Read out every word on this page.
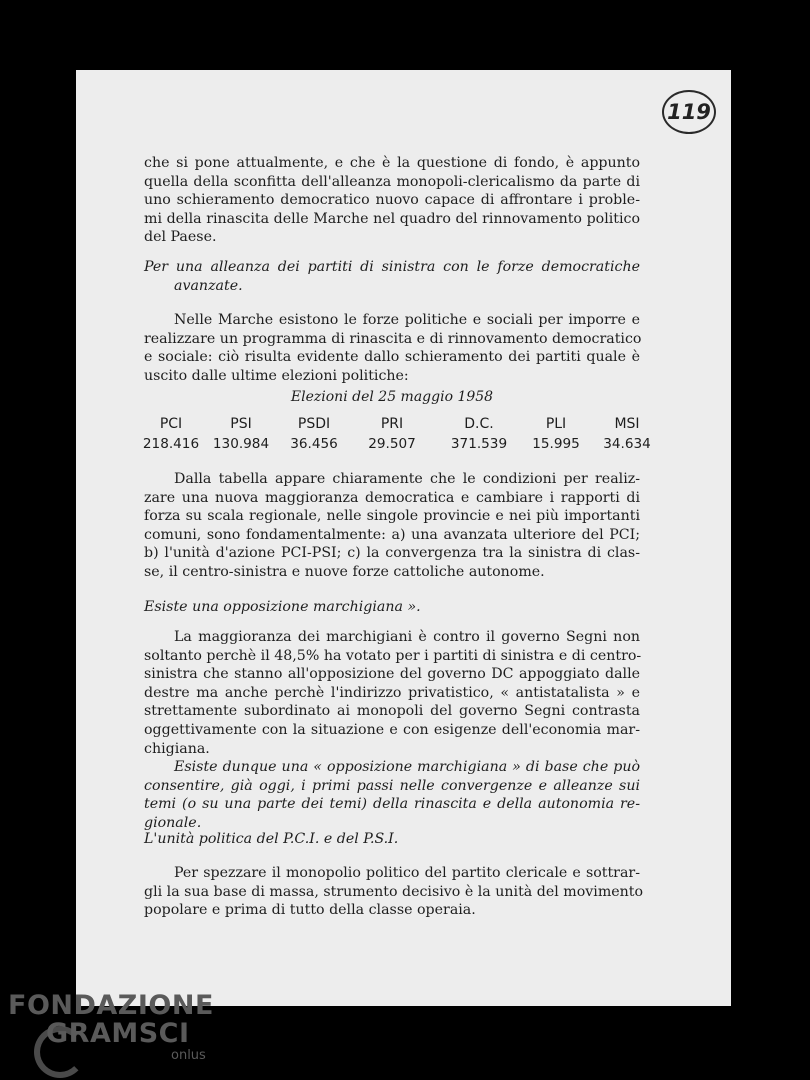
119
che si pone attualmente, e che è la questione di fondo, è appunto
quella della sconfitta dell'alleanza monopoli-clericalismo da parte di
uno schieramento democratico nuovo capace di affrontare i proble-
mi della rinascita delle Marche nel quadro del rinnovamento politico
del Paese.
Per una alleanza dei partiti di sinistra con le forze democratiche
avanzate.
Nelle Marche esistono le forze politiche e sociali per imporre e
realizzare un programma di rinascita e di rinnovamento democratico
e sociale: ciò risulta evidente dallo schieramento dei partiti quale è
uscito dalle ultime elezioni politiche:
Elezioni del 25 maggio 1958
PCI	PSI	PSDI	PRI	D.C.	PLI	MSI
218.416	130.984	36.456	29.507	371.539	15.995	34.634
Dalla tabella appare chiaramente che le condizioni per realiz-
zare una nuova maggioranza democratica e cambiare i rapporti di
forza su scala regionale, nelle singole provincie e nei più importanti
comuni, sono fondamentalmente: a) una avanzata ulteriore del PCI;
b) l'unità d'azione PCI-PSI; c) la convergenza tra la sinistra di clas-
se, il centro-sinistra e nuove forze cattoliche autonome.
Esiste una opposizione marchigiana ».
La maggioranza dei marchigiani è contro il governo Segni non
soltanto perchè il 48,5% ha votato per i partiti di sinistra e di centro-
sinistra che stanno all'opposizione del governo DC appoggiato dalle
destre ma anche perchè l'indirizzo privatistico, « antistatalista » e
strettamente subordinato ai monopoli del governo Segni contrasta
oggettivamente con la situazione e con esigenze dell'economia mar-
chigiana.
Esiste dunque una « opposizione marchigiana » di base che può
consentire, già oggi, i primi passi nelle convergenze e alleanze sui
temi (o su una parte dei temi) della rinascita e della autonomia re-
gionale.
L'unità politica del P.C.I. e del P.S.I.
Per spezzare il monopolio politico del partito clericale e sottrar-
gli la sua base di massa, strumento decisivo è la unità del movimento
popolare e prima di tutto della classe operaia.
FONDAZIONE
GRAMSCI
onlus
